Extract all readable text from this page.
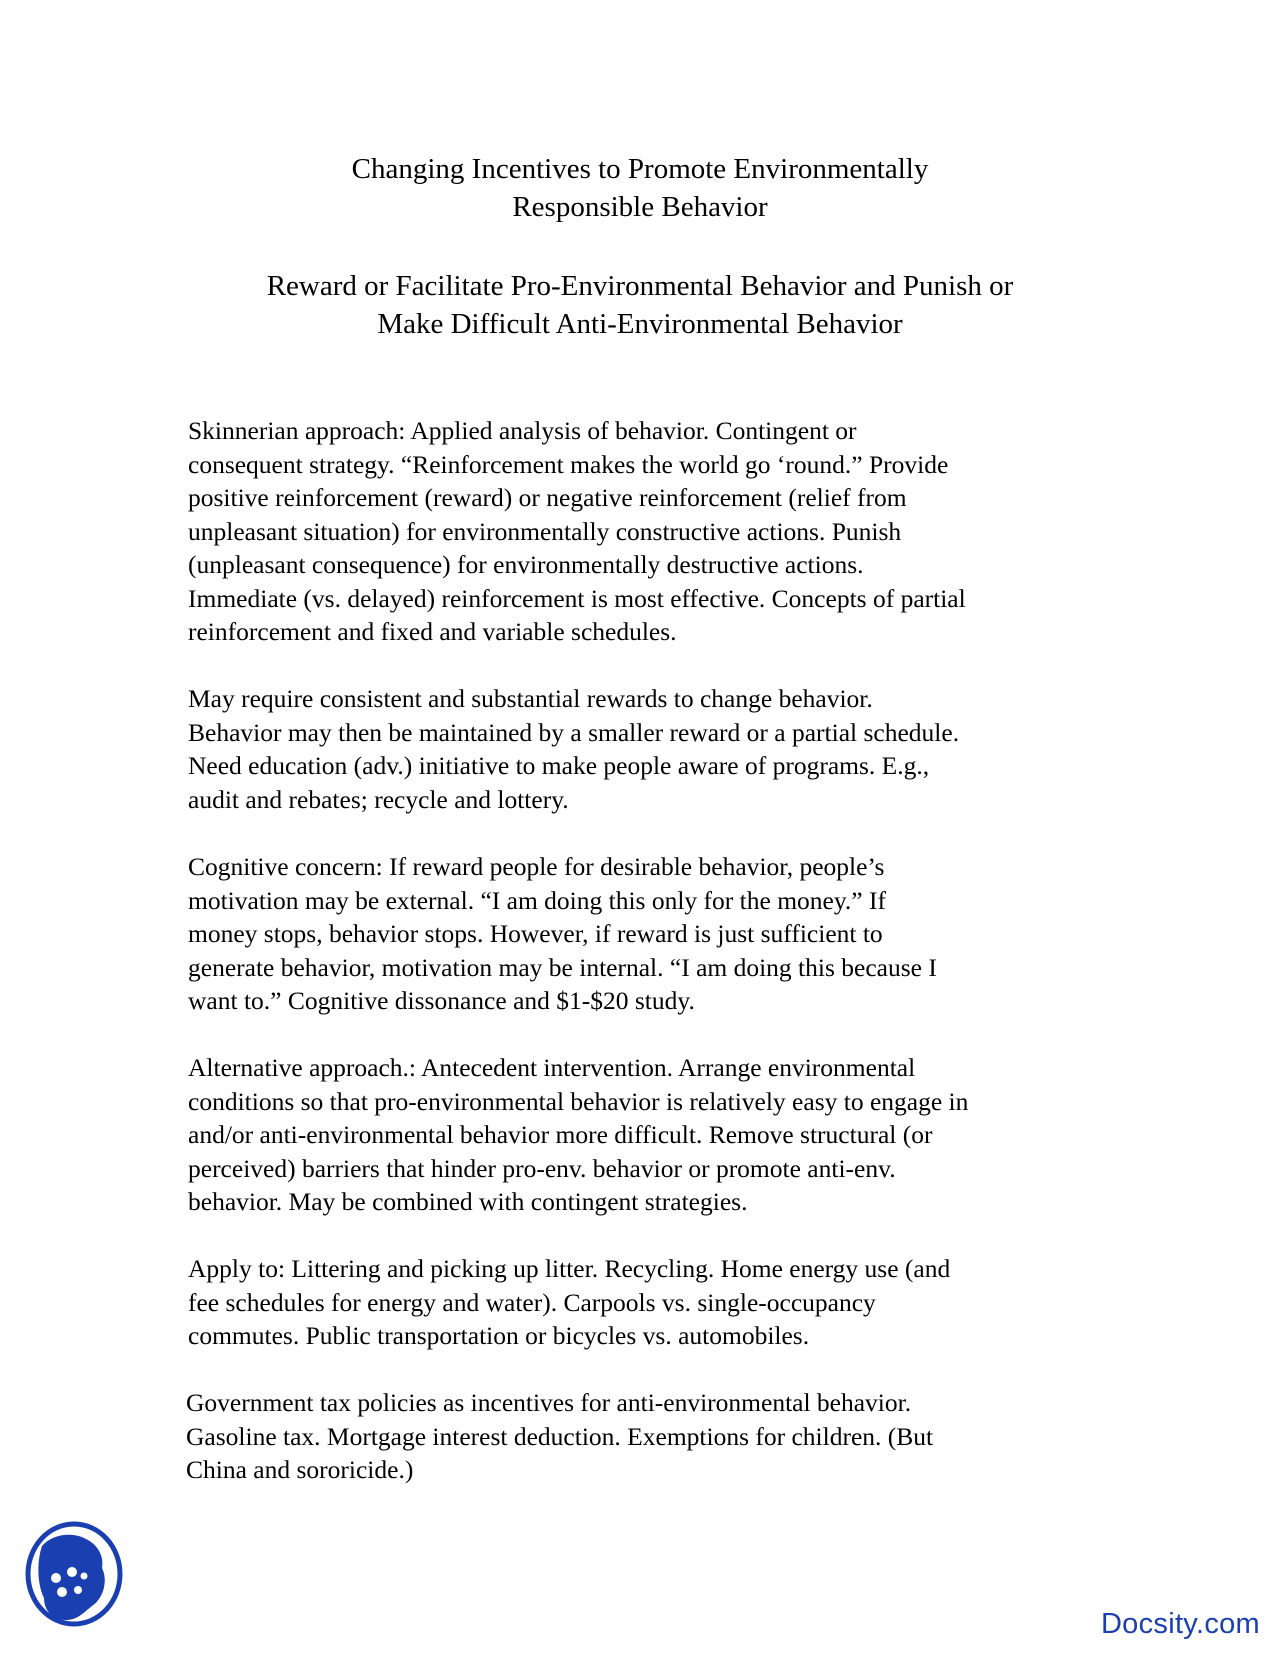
Changing Incentives to Promote Environmentally
Responsible Behavior
Reward or Facilitate Pro-Environmental Behavior and Punish or
Make Difficult Anti-Environmental Behavior
Skinnerian approach: Applied analysis of behavior. Contingent or
consequent strategy. “Reinforcement makes the world go ‘round.” Provide
positive reinforcement (reward) or negative reinforcement (relief from
unpleasant situation) for environmentally constructive actions. Punish
(unpleasant consequence) for environmentally destructive actions.
Immediate (vs. delayed) reinforcement is most effective. Concepts of partial
reinforcement and fixed and variable schedules.
May require consistent and substantial rewards to change behavior.
Behavior may then be maintained by a smaller reward or a partial schedule.
Need education (adv.) initiative to make people aware of programs. E.g.,
audit and rebates; recycle and lottery.
Cognitive concern: If reward people for desirable behavior, people’s
motivation may be external. “I am doing this only for the money.” If
money stops, behavior stops. However, if reward is just sufficient to
generate behavior, motivation may be internal. “I am doing this because I
want to.” Cognitive dissonance and $1-$20 study.
Alternative approach.: Antecedent intervention. Arrange environmental
conditions so that pro-environmental behavior is relatively easy to engage in
and/or anti-environmental behavior more difficult. Remove structural (or
perceived) barriers that hinder pro-env. behavior or promote anti-env.
behavior. May be combined with contingent strategies.
Apply to: Littering and picking up litter. Recycling. Home energy use (and
fee schedules for energy and water). Carpools vs. single-occupancy
commutes. Public transportation or bicycles vs. automobiles.
Government tax policies as incentives for anti-environmental behavior.
Gasoline tax. Mortgage interest deduction. Exemptions for children. (But
China and sororicide.)
Docsity.com
